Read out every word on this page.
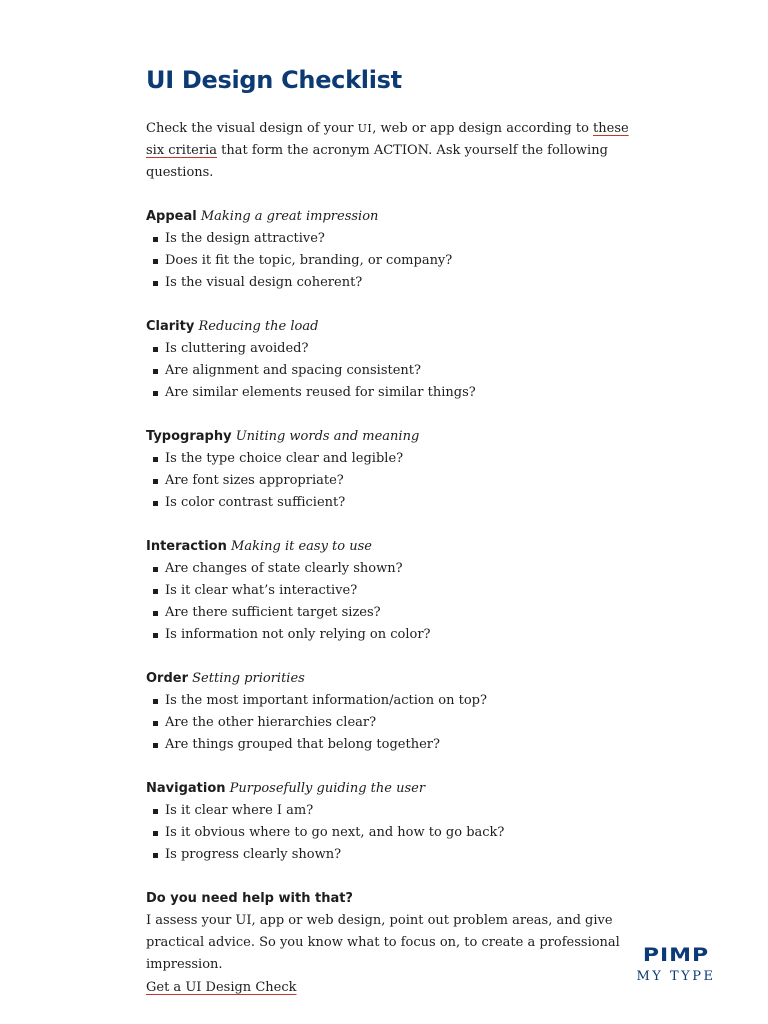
UI Design Checklist

Check the visual design of your UI, web or app design according to these six criteria that form the acronym ACTION. Ask yourself the following questions.

Appeal Making a great impression
Is the design attractive?
Does it fit the topic, branding, or company?
Is the visual design coherent?
Clarity Reducing the load
Is cluttering avoided?
Are alignment and spacing consistent?
Are similar elements reused for similar things?
Typography Uniting words and meaning
Is the type choice clear and legible?
Are font sizes appropriate?
Is color contrast sufficient?
Interaction Making it easy to use
Are changes of state clearly shown?
Is it clear what’s interactive?
Are there sufficient target sizes?
Is information not only relying on color?
Order Setting priorities
Is the most important information/action on top?
Are the other hierarchies clear?
Are things grouped that belong together?
Navigation Purposefully guiding the user
Is it clear where I am?
Is it obvious where to go next, and how to go back?
Is progress clearly shown?
Do you need help with that?

I assess your UI, app or web design, point out problem areas, and give practical advice. So you know what to focus on, to create a professional impression.

Get a UI Design Check
PIMP
MY TYPE
